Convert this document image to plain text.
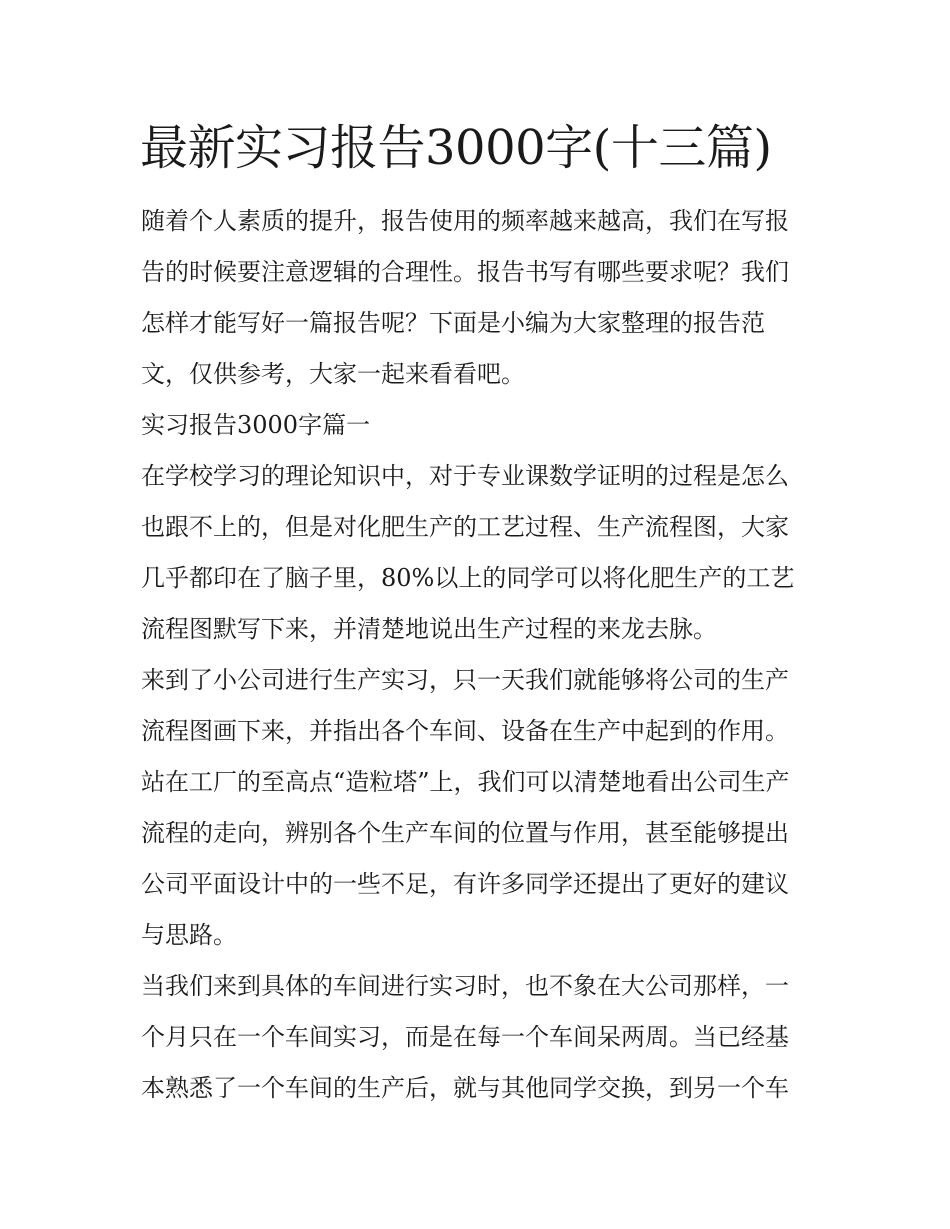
最新实习报告3000字(十三篇)

随着个人素质的提升，报告使用的频率越来越高，我们在写报

告的时候要注意逻辑的合理性。报告书写有哪些要求呢？我们

怎样才能写好一篇报告呢？下面是小编为大家整理的报告范

文，仅供参考，大家一起来看看吧。

实习报告3000字篇一

在学校学习的理论知识中，对于专业课数学证明的过程是怎么

也跟不上的，但是对化肥生产的工艺过程、生产流程图，大家

几乎都印在了脑子里，80%以上的同学可以将化肥生产的工艺

流程图默写下来，并清楚地说出生产过程的来龙去脉。

来到了小公司进行生产实习，只一天我们就能够将公司的生产

流程图画下来，并指出各个车间、设备在生产中起到的作用。

站在工厂的至高点“造粒塔”上，我们可以清楚地看出公司生产

流程的走向，辨别各个生产车间的位置与作用，甚至能够提出

公司平面设计中的一些不足，有许多同学还提出了更好的建议

与思路。

当我们来到具体的车间进行实习时，也不象在大公司那样，一

个月只在一个车间实习，而是在每一个车间呆两周。当已经基

本熟悉了一个车间的生产后，就与其他同学交换，到另一个车
